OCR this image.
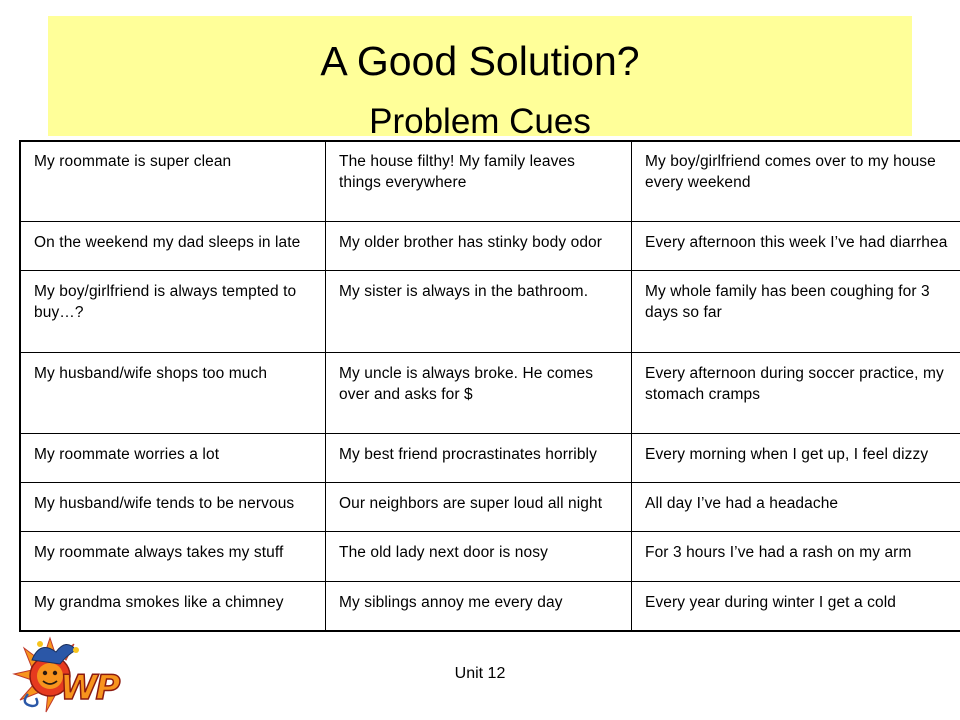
A Good Solution?
Problem Cues
My roommate is super clean	The house filthy! My family leaves things everywhere	My boy/girlfriend comes over to my house every weekend
On the weekend my dad sleeps in late	My older brother has stinky body odor	Every afternoon this week I’ve had diarrhea
My boy/girlfriend is always tempted to buy…?	My sister is always in the bathroom.	My whole family has been coughing for 3 days so far
My husband/wife shops too much	My uncle is always broke. He comes over and asks for $	Every afternoon during soccer practice, my stomach cramps
My roommate worries a lot	My best friend procrastinates horribly	Every morning when I get up, I feel dizzy
My husband/wife tends to be nervous	Our neighbors are super loud all night	All day I’ve had a headache
My roommate always takes my stuff	The old lady next door is nosy	For 3 hours I’ve had a rash on my arm
My grandma smokes like a chimney	My siblings annoy me every day	Every year during winter I get a cold
WP	Unit 12
